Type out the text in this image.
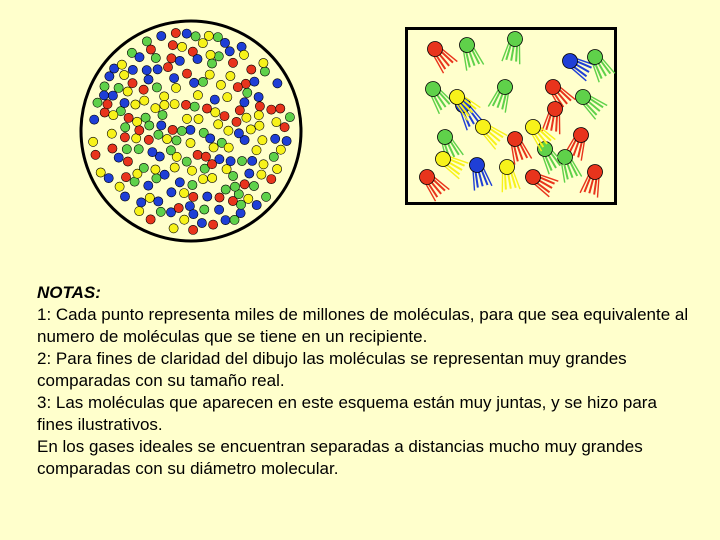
NOTAS:

1: Cada punto representa miles de millones de moléculas, para que sea equivalente al numero de moléculas que se tiene en un recipiente.

2: Para fines de claridad del dibujo las moléculas se representan muy grandes comparadas con su tamaño real.

3: Las moléculas que aparecen en este esquema están muy juntas, y se hizo para fines ilustrativos.

En los gases ideales se encuentran separadas a distancias mucho muy grandes comparadas con su diámetro molecular.
